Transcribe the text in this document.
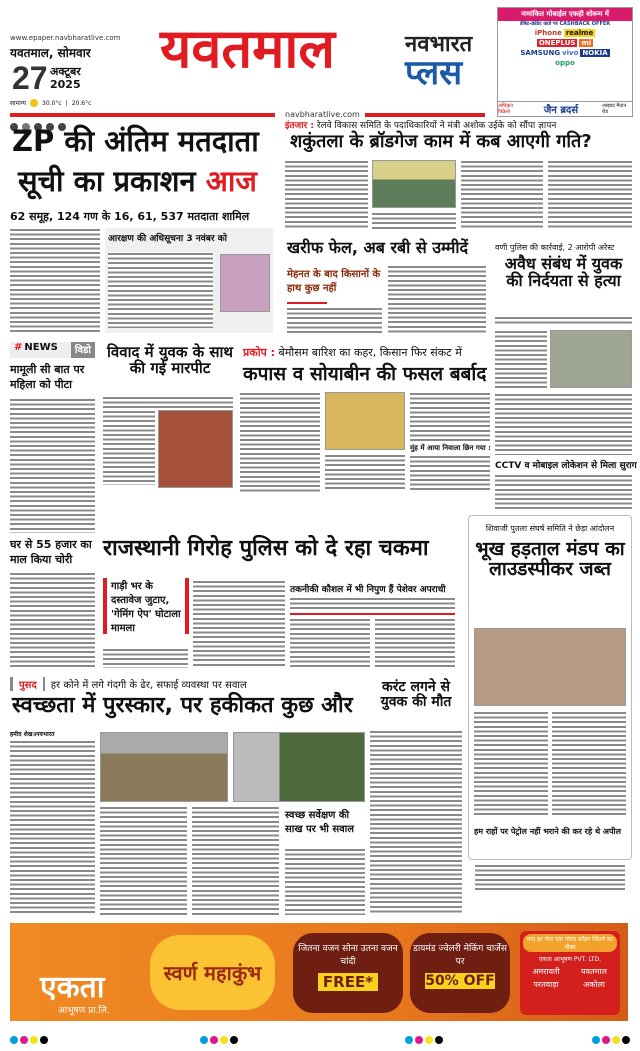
www.epaper.navbharatlive.com
यवतमाल, सोमवार
27 अक्टूबर
2025
सामान्य	30.0°c | 20.6°c
यवतमाल	नवभारत
प्लस
navbharatlive.com
नामांकित मोबाईल एकही शोरूम में
डेबिट-क्रेडिट कार्ड पर CASHBACK OFFER
iPhone realme
ONEPLUS mi
SAMSUNG vivo NOKIA
oppo
अधिकृत विक्रेता	जैन ब्रदर्स	आझाद मैदान रोड
ZP की अंतिम मतदाता
सूची का प्रकाशन आज
62 समूह, 124 गण के 16, 61, 537 मतदाता शामिल
आरक्षण की अधिसूचना 3 नवंबर को
इंतजार : रेलवे विकास समिति के पदाधिकारियों ने मंत्री अशोक उईके को सौंपा ज्ञापन
शकुंतला के ब्रॉडगेज काम में कब आएगी गति?
खरीफ फेल, अब रबी से उम्मीदें
मेहनत के बाद किसानों के हाथ कुछ नहीं
वणी पुलिस की कार्रवाई, 2 आरोपी अरेस्ट
अवैध संबंध में युवक की निर्दयता से हत्या
CCTV व मोबाइल लोकेशन से मिला सुराग
# NEWS	विडो
मामूली सी बात पर महिला को पीटा
घर से 55 हजार का माल किया चोरी
विवाद में युवक के साथ की गई मारपीट
प्रकोप : बेमौसम बारिश का कहर, किसान फिर संकट में
कपास व सोयाबीन की फसल बर्बाद
मुंह में आया निवाला छिन गया :
राजस्थानी गिरोह पुलिस को दे रहा चकमा
गाड़ी भर के दस्तावेज जुटाए, 'गेमिंग ऐप' घोटाला मामला
तकनीकी कौशल में भी निपुण हैं पेशेवर अपराधी
शिवाजी पुतला संघर्ष समिति ने छेड़ा आंदोलन
भूख हड़ताल मंडप का लाउडस्पीकर जब्त
हम राहों पर पेट्रोल नहीं भराने की कर रहे थे अपील
पुसद	हर कोने में लगे गंदगी के ढेर, सफाई व्यवस्था पर सवाल
स्वच्छता में पुरस्कार, पर हकीकत कुछ और
हमीद शेख॥नवभारत
स्वच्छ सर्वेक्षण की साख पर भी सवाल
करंट लगने से युवक की मौत
एकता
आभूषण प्रा.लि.
स्वर्ण महाकुंभ
जितना वजन सोना उतना वजन चांदी
FREE*
डायमंड ज्वेलरी मेकिंग चार्जेस पर
50% OFF
पाए हर रोज एक गोल्ड कॉइन जिंतने का मौका
एकता आभूषण PVT. LTD.
अमरावती	यवतमाल
परतवाड़ा	अकोला
